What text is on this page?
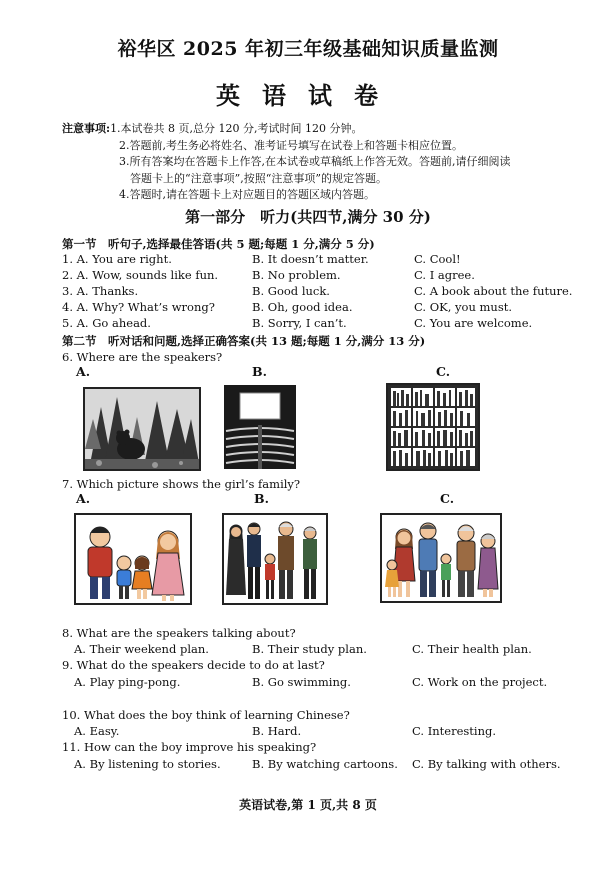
裕华区 2025 年初三年级基础知识质量监测
英语试卷
注意事项:1.本试卷共 8 页,总分 120 分,考试时间 120 分钟。
2.答题前,考生务必将姓名、准考证号填写在试卷上和答题卡相应位置。
3.所有答案均在答题卡上作答,在本试卷或草稿纸上作答无效。答题前,请仔细阅读
答题卡上的“注意事项”,按照“注意事项”的规定答题。
4.答题时,请在答题卡上对应题目的答题区域内答题。
第一部分　听力(共四节,满分 30 分)
第一节　听句子,选择最佳答语(共 5 题;每题 1 分,满分 5 分)
1. A. You are right.	B. It doesn’t matter.	C. Cool!
2. A. Wow, sounds like fun.	B. No problem.	C. I agree.
3. A. Thanks.	B. Good luck.	C. A book about the future.
4. A. Why? What’s wrong?	B. Oh, good idea.	C. OK, you must.
5. A. Go ahead.	B. Sorry, I can’t.	C. You are welcome.
第二节　听对话和问题,选择正确答案(共 13 题;每题 1 分,满分 13 分)
6. Where are the speakers?
A.	B.	C.
7. Which picture shows the girl’s family?
A.	B.	C.
8. What are the speakers talking about?
A. Their weekend plan.	B. Their study plan.	C. Their health plan.
9. What do the speakers decide to do at last?
A. Play ping-pong.	B. Go swimming.	C. Work on the project.
10. What does the boy think of learning Chinese?
A. Easy.	B. Hard.	C. Interesting.
11. How can the boy improve his speaking?
A. By listening to stories.	B. By watching cartoons. C. By talking with others.
英语试卷,第 1 页,共 8 页
